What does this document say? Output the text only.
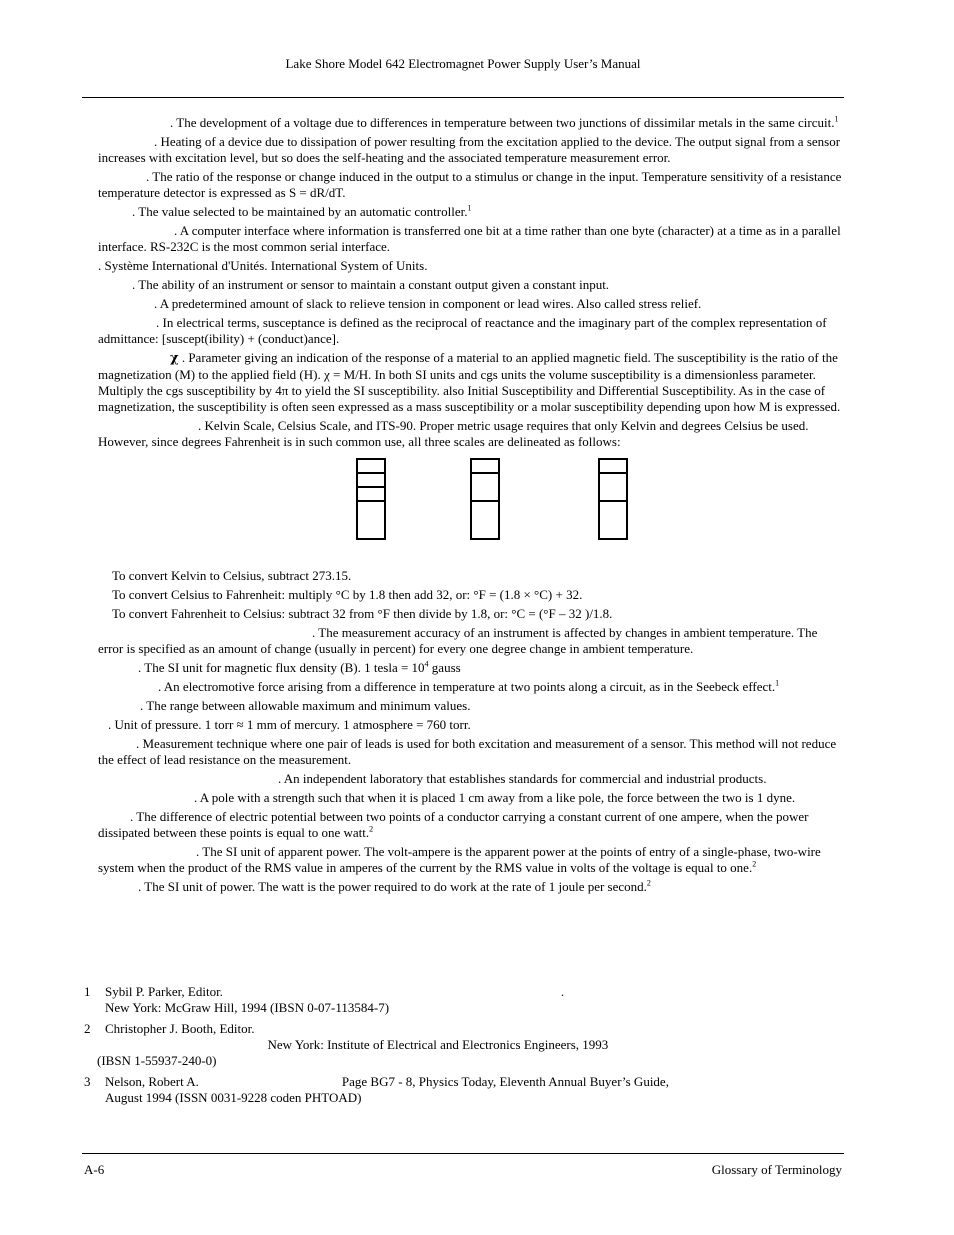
Lake Shore Model 642 Electromagnet Power Supply User’s Manual
. The development of a voltage due to differences in temperature between two junctions of dissimilar metals in the same circuit.$^1$
. Heating of a device due to dissipation of power resulting from the excitation applied to the device. The output signal from a sensor increases with excitation level, but so does the self-heating and the associated temperature measurement error.
. The ratio of the response or change induced in the output to a stimulus or change in the input. Temperature sensitivity of a resistance temperature detector is expressed as S = dR/dT.
. The value selected to be maintained by an automatic controller.$^1$
. A computer interface where information is transferred one bit at a time rather than one byte (character) at a time as in a parallel interface. RS-232C is the most common serial interface.
. Système International d'Unités. International System of Units.
. The ability of an instrument or sensor to maintain a constant output given a constant input.
. A predetermined amount of slack to relieve tension in component or lead wires. Also called stress relief.
. In electrical terms, susceptance is defined as the reciprocal of reactance and the imaginary part of the complex representation of admittance: [suscept(ibility) + (conduct)ance].
χ . Parameter giving an indication of the response of a material to an applied magnetic field. The susceptibility is the ratio of the magnetization (M) to the applied field (H). χ = M/H. In both SI units and cgs units the volume susceptibility is a dimensionless parameter. Multiply the cgs susceptibility by 4π to yield the SI susceptibility. also Initial Susceptibility and Differential Susceptibility. As in the case of magnetization, the susceptibility is often seen expressed as a mass susceptibility or a molar susceptibility depending upon how M is expressed.
. Kelvin Scale, Celsius Scale, and ITS-90. Proper metric usage requires that only Kelvin and degrees Celsius be used. However, since degrees Fahrenheit is in such common use, all three scales are delineated as follows:
To convert Kelvin to Celsius, subtract 273.15.
To convert Celsius to Fahrenheit: multiply °C by 1.8 then add 32, or: °F = (1.8 × °C) + 32.
To convert Fahrenheit to Celsius: subtract 32 from °F then divide by 1.8, or: °C = (°F – 32 )/1.8.
. The measurement accuracy of an instrument is affected by changes in ambient temperature. The error is specified as an amount of change (usually in percent) for every one degree change in ambient temperature.
. The SI unit for magnetic flux density (B). 1 tesla = $10^4$ gauss
. An electromotive force arising from a difference in temperature at two points along a circuit, as in the Seebeck effect.$^1$
. The range between allowable maximum and minimum values.
. Unit of pressure. 1 torr ≈ 1 mm of mercury. 1 atmosphere = 760 torr.
. Measurement technique where one pair of leads is used for both excitation and measurement of a sensor. This method will not reduce the effect of lead resistance on the measurement.
. An independent laboratory that establishes standards for commercial and industrial products.
. A pole with a strength such that when it is placed 1 cm away from a like pole, the force between the two is 1 dyne.
. The difference of electric potential between two points of a conductor carrying a constant current of one ampere, when the power dissipated between these points is equal to one watt.$^2$
. The SI unit of apparent power. The volt-ampere is the apparent power at the points of entry of a single-phase, two-wire system when the product of the RMS value in amperes of the current by the RMS value in volts of the voltage is equal to one.$^2$
. The SI unit of power. The watt is the power required to do work at the rate of 1 joule per second.$^2$
1 Sybil P. Parker, Editor.                                                                                                        .
New York: McGraw Hill, 1994 (IBSN 0-07-113584-7)
2 Christopher J. Booth, Editor.
New York: Institute of Electrical and Electronics Engineers, 1993
(IBSN 1-55937-240-0)
3 Nelson, Robert A.                                            Page BG7 - 8, Physics Today, Eleventh Annual Buyer’s Guide,
August 1994 (ISSN 0031-9228 coden PHTOAD)
A-6	Glossary of Terminology
